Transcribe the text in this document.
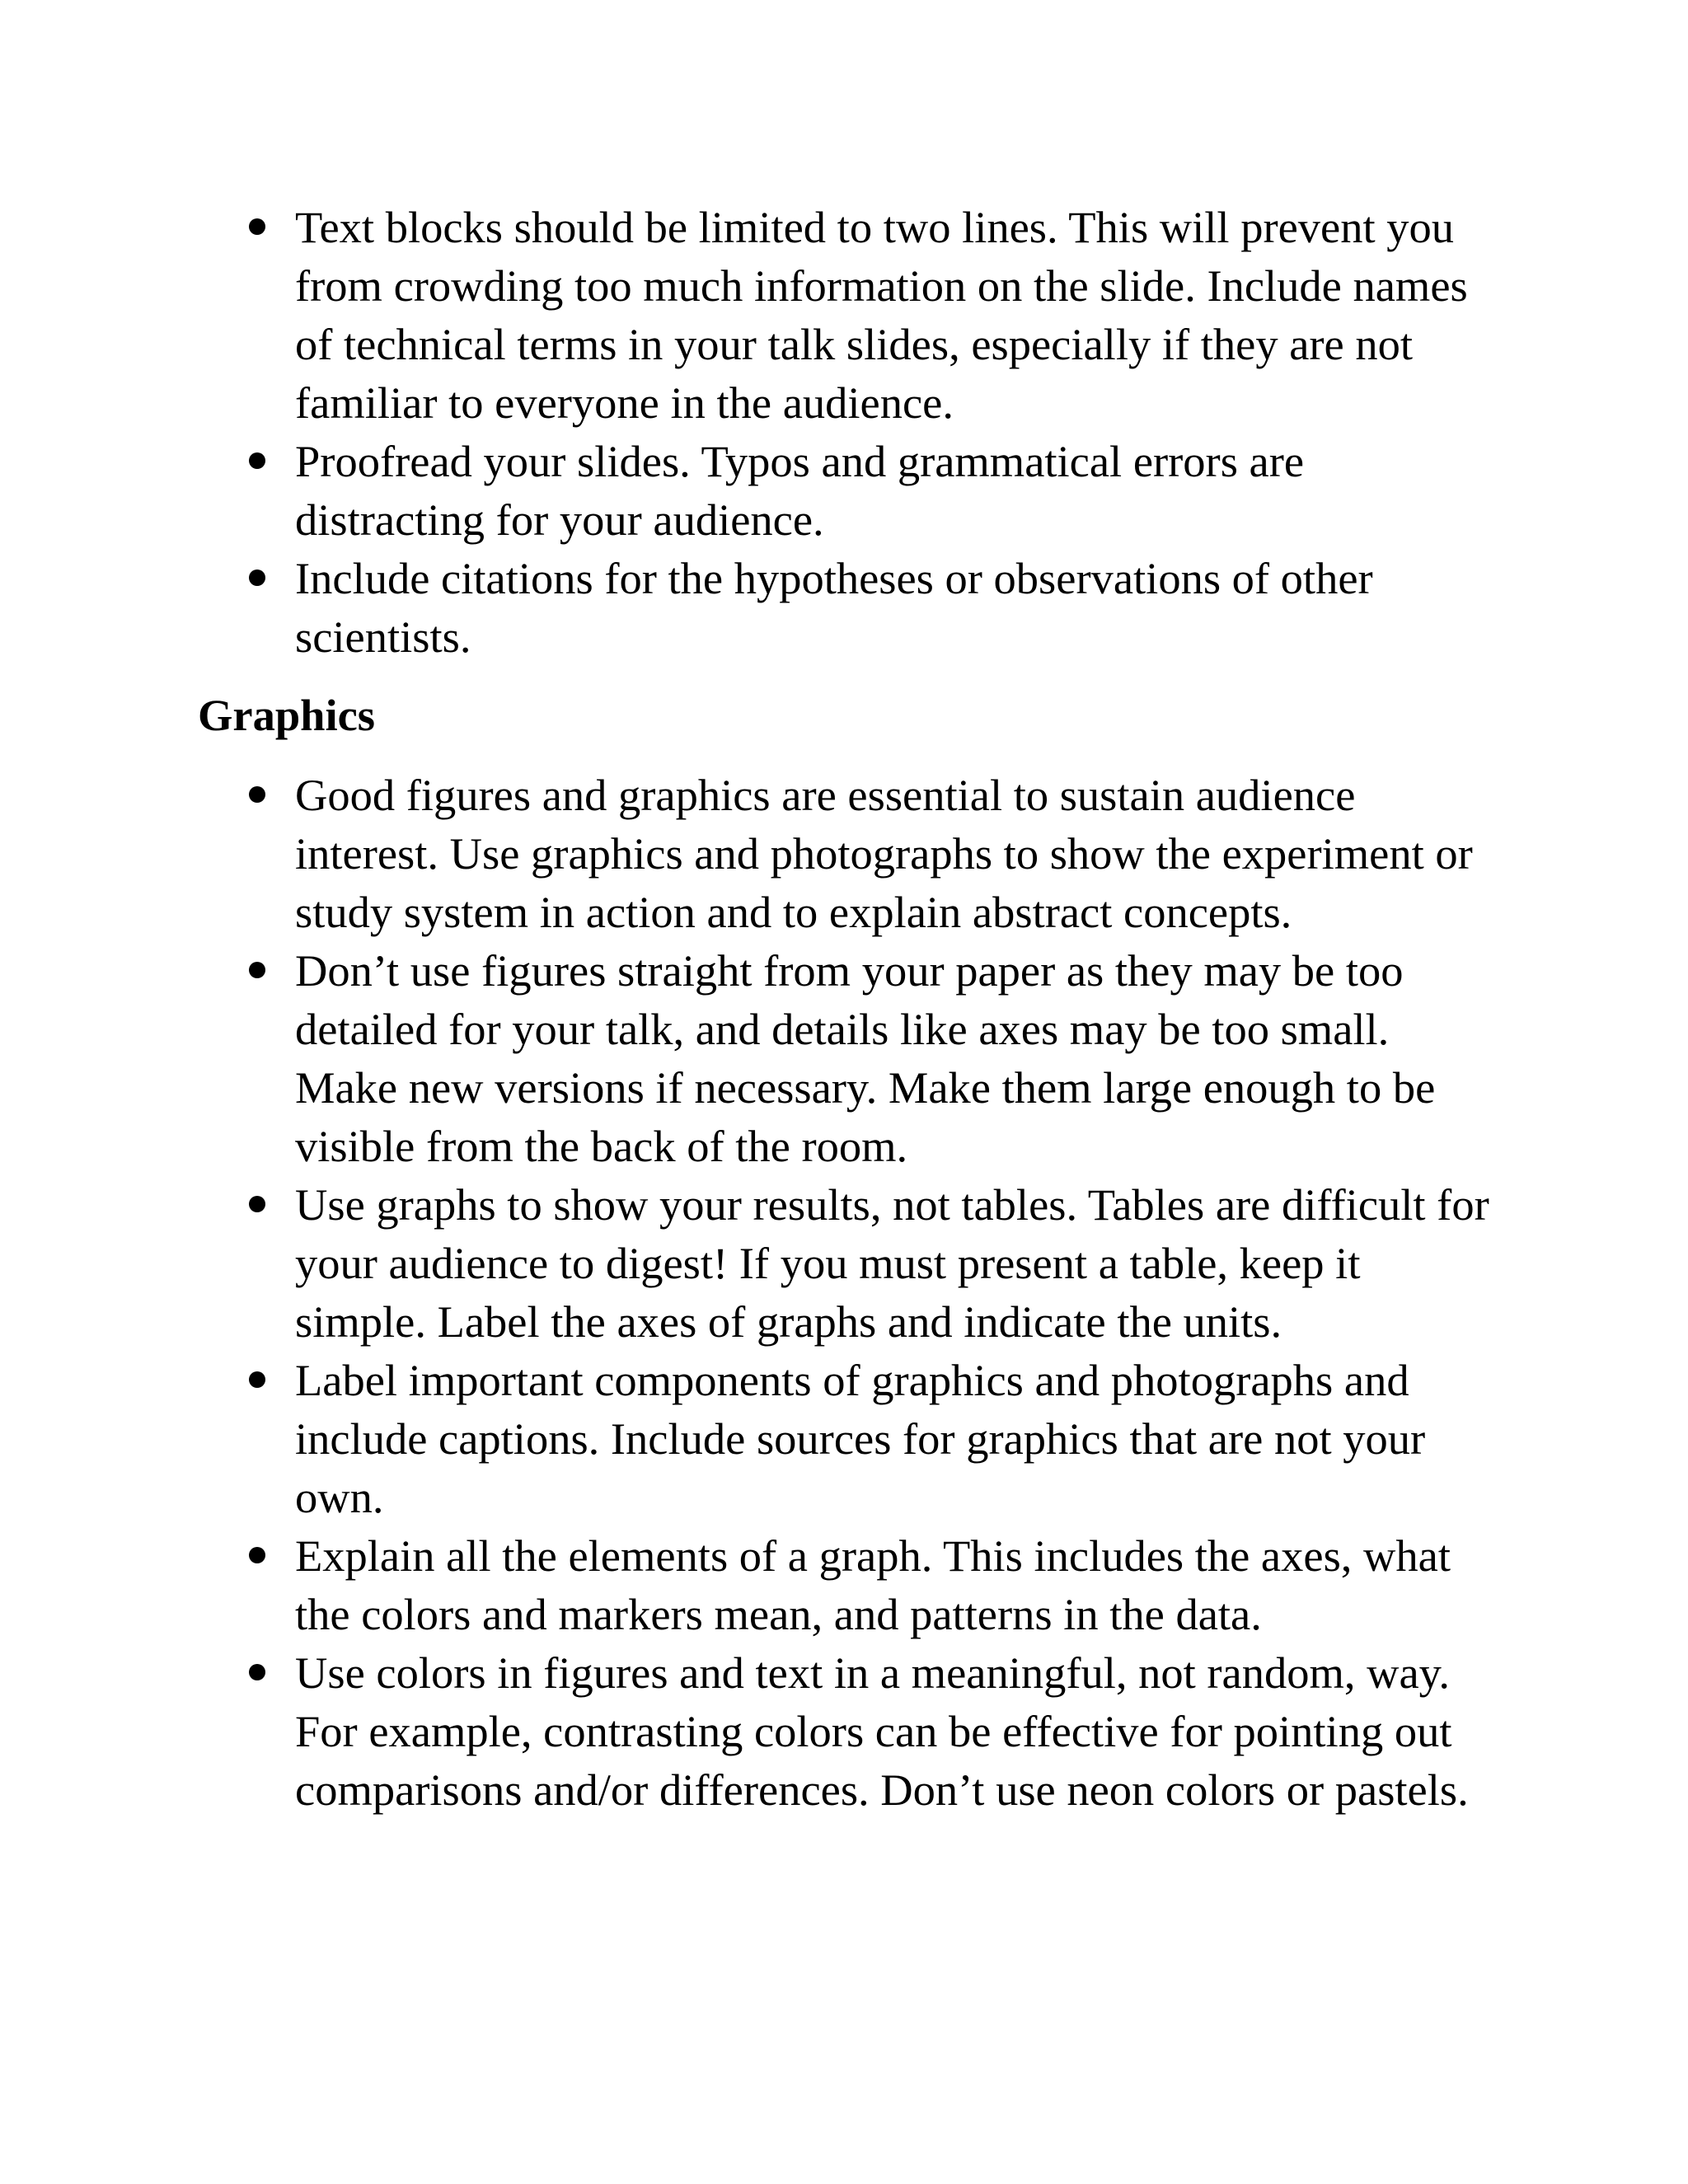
Text blocks should be limited to two lines. This will prevent you from crowding too much information on the slide. Include names of technical terms in your talk slides, especially if they are not familiar to everyone in the audience.
Proofread your slides. Typos and grammatical errors are distracting for your audience.
Include citations for the hypotheses or observations of other scientists.
Graphics
Good figures and graphics are essential to sustain audience interest. Use graphics and photographs to show the experiment or study system in action and to explain abstract concepts.
Don’t use figures straight from your paper as they may be too detailed for your talk, and details like axes may be too small. Make new versions if necessary. Make them large enough to be visible from the back of the room.
Use graphs to show your results, not tables. Tables are difficult for your audience to digest! If you must present a table, keep it simple. Label the axes of graphs and indicate the units.
Label important components of graphics and photographs and include captions. Include sources for graphics that are not your own.
Explain all the elements of a graph. This includes the axes, what the colors and markers mean, and patterns in the data.
Use colors in figures and text in a meaningful, not random, way. For example, contrasting colors can be effective for pointing out comparisons and/or differences. Don’t use neon colors or pastels.
